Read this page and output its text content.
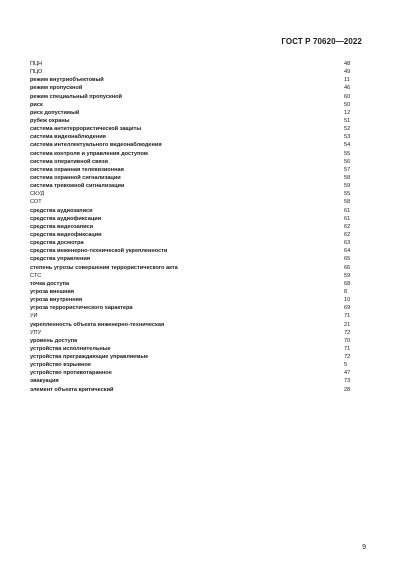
ГОСТ Р 70620—2022
ПЦН	48
ПЦО	49
режим внутриобъектовый	11
режим пропускной	46
режим специальный пропускной	60
риск	50
риск допустимый	12
рубеж охраны	51
система антитеррористической защиты	52
система видеонаблюдения	53
система интеллектуального видеонаблюдения	54
система контроля и управления доступом	55
система оперативной связи	56
система охранная телевизионная	57
система охранной сигнализации	58
система тревожной сигнализации	59
СКУД	55
СОТ	58
средства аудиозаписи	61
средства аудиофиксации	61
средства видеозаписи	62
средства видеофиксации	62
средства досмотра	63
средства инженерно-технической укрепленности	64
средства управления	65
степень угрозы совершения террористического акта	66
СТС	59
точка доступа	68
угроза внешняя	8
угроза внутренняя	10
угроза террористического характера	69
УИ	71
укрепленность объекта инженерно-техническая	21
УПУ	72
уровень доступа	70
устройства исполнительные	71
устройства преграждающие управляемые	72
устройство взрывное	5
устройство противотаранное	47
эвакуация	73
элемент объекта критический	28
9
